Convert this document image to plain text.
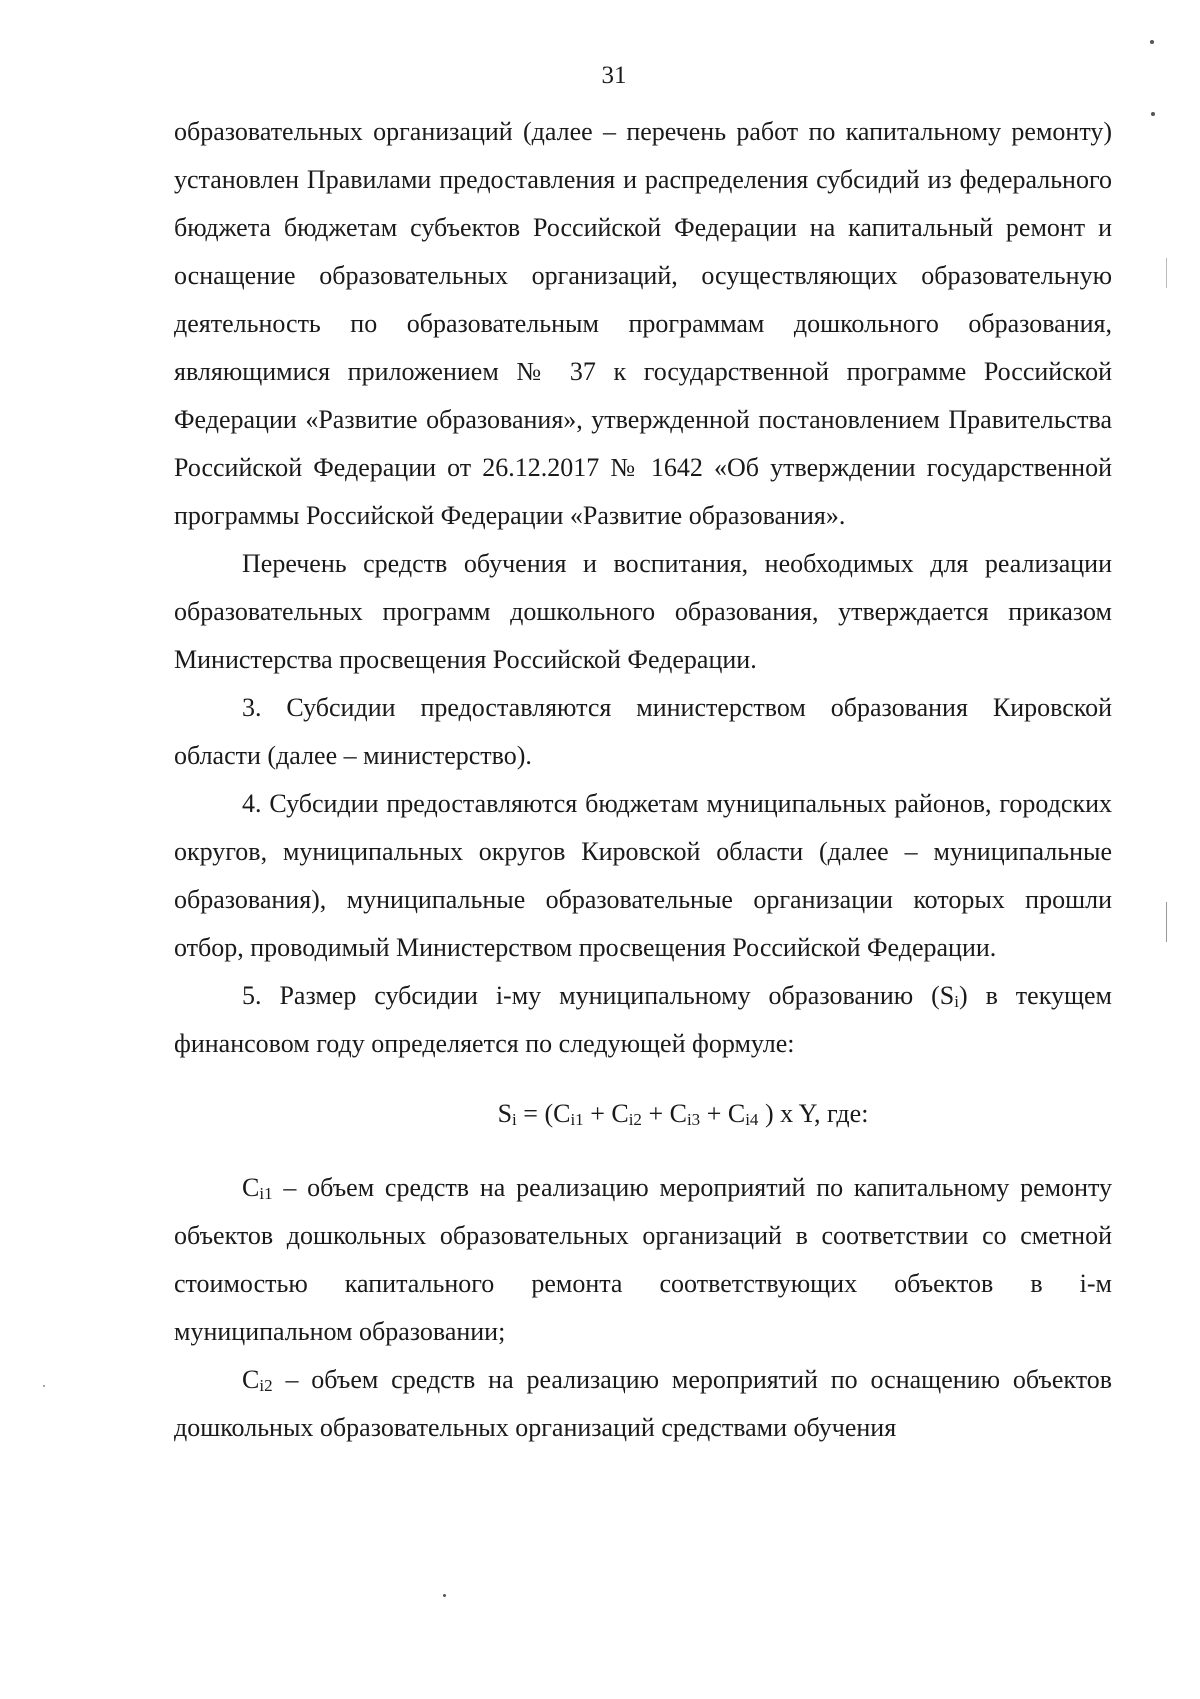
31

образовательных организаций (далее – перечень работ по капитальному ремонту) установлен Правилами предоставления и распределения субсидий из федерального бюджета бюджетам субъектов Российской Федерации на капитальный ремонт и оснащение образовательных организаций, осуществляющих образовательную деятельность по образовательным программам дошкольного образования, являющимися приложением № 37 к государственной программе Российской Федерации «Развитие образования», утвержденной постановлением Правительства Российской Федерации от 26.12.2017 № 1642 «Об утверждении государственной программы Российской Федерации «Развитие образования».

Перечень средств обучения и воспитания, необходимых для реализации образовательных программ дошкольного образования, утверждается приказом Министерства просвещения Российской Федерации.

3. Субсидии предоставляются министерством образования Кировской области (далее – министерство).

4. Субсидии предоставляются бюджетам муниципальных районов, городских округов, муниципальных округов Кировской области (далее – муниципальные образования), муниципальные образовательные организации которых прошли отбор, проводимый Министерством просвещения Российской Федерации.

5. Размер субсидии i-му муниципальному образованию $(S_i)$ в текущем финансовом году определяется по следующей формуле:

$S_i = (C_{i1} + C_{i2} + C_{i3} + C_{i4}$ ) x Y, где:

$C_{i1}$ – объем средств на реализацию мероприятий по капитальному ремонту объектов дошкольных образовательных организаций в соответствии со сметной стоимостью капитального ремонта соответствующих объектов в i-м муниципальном образовании;

$C_{i2}$ – объем средств на реализацию мероприятий по оснащению объектов дошкольных образовательных организаций средствами обучения
